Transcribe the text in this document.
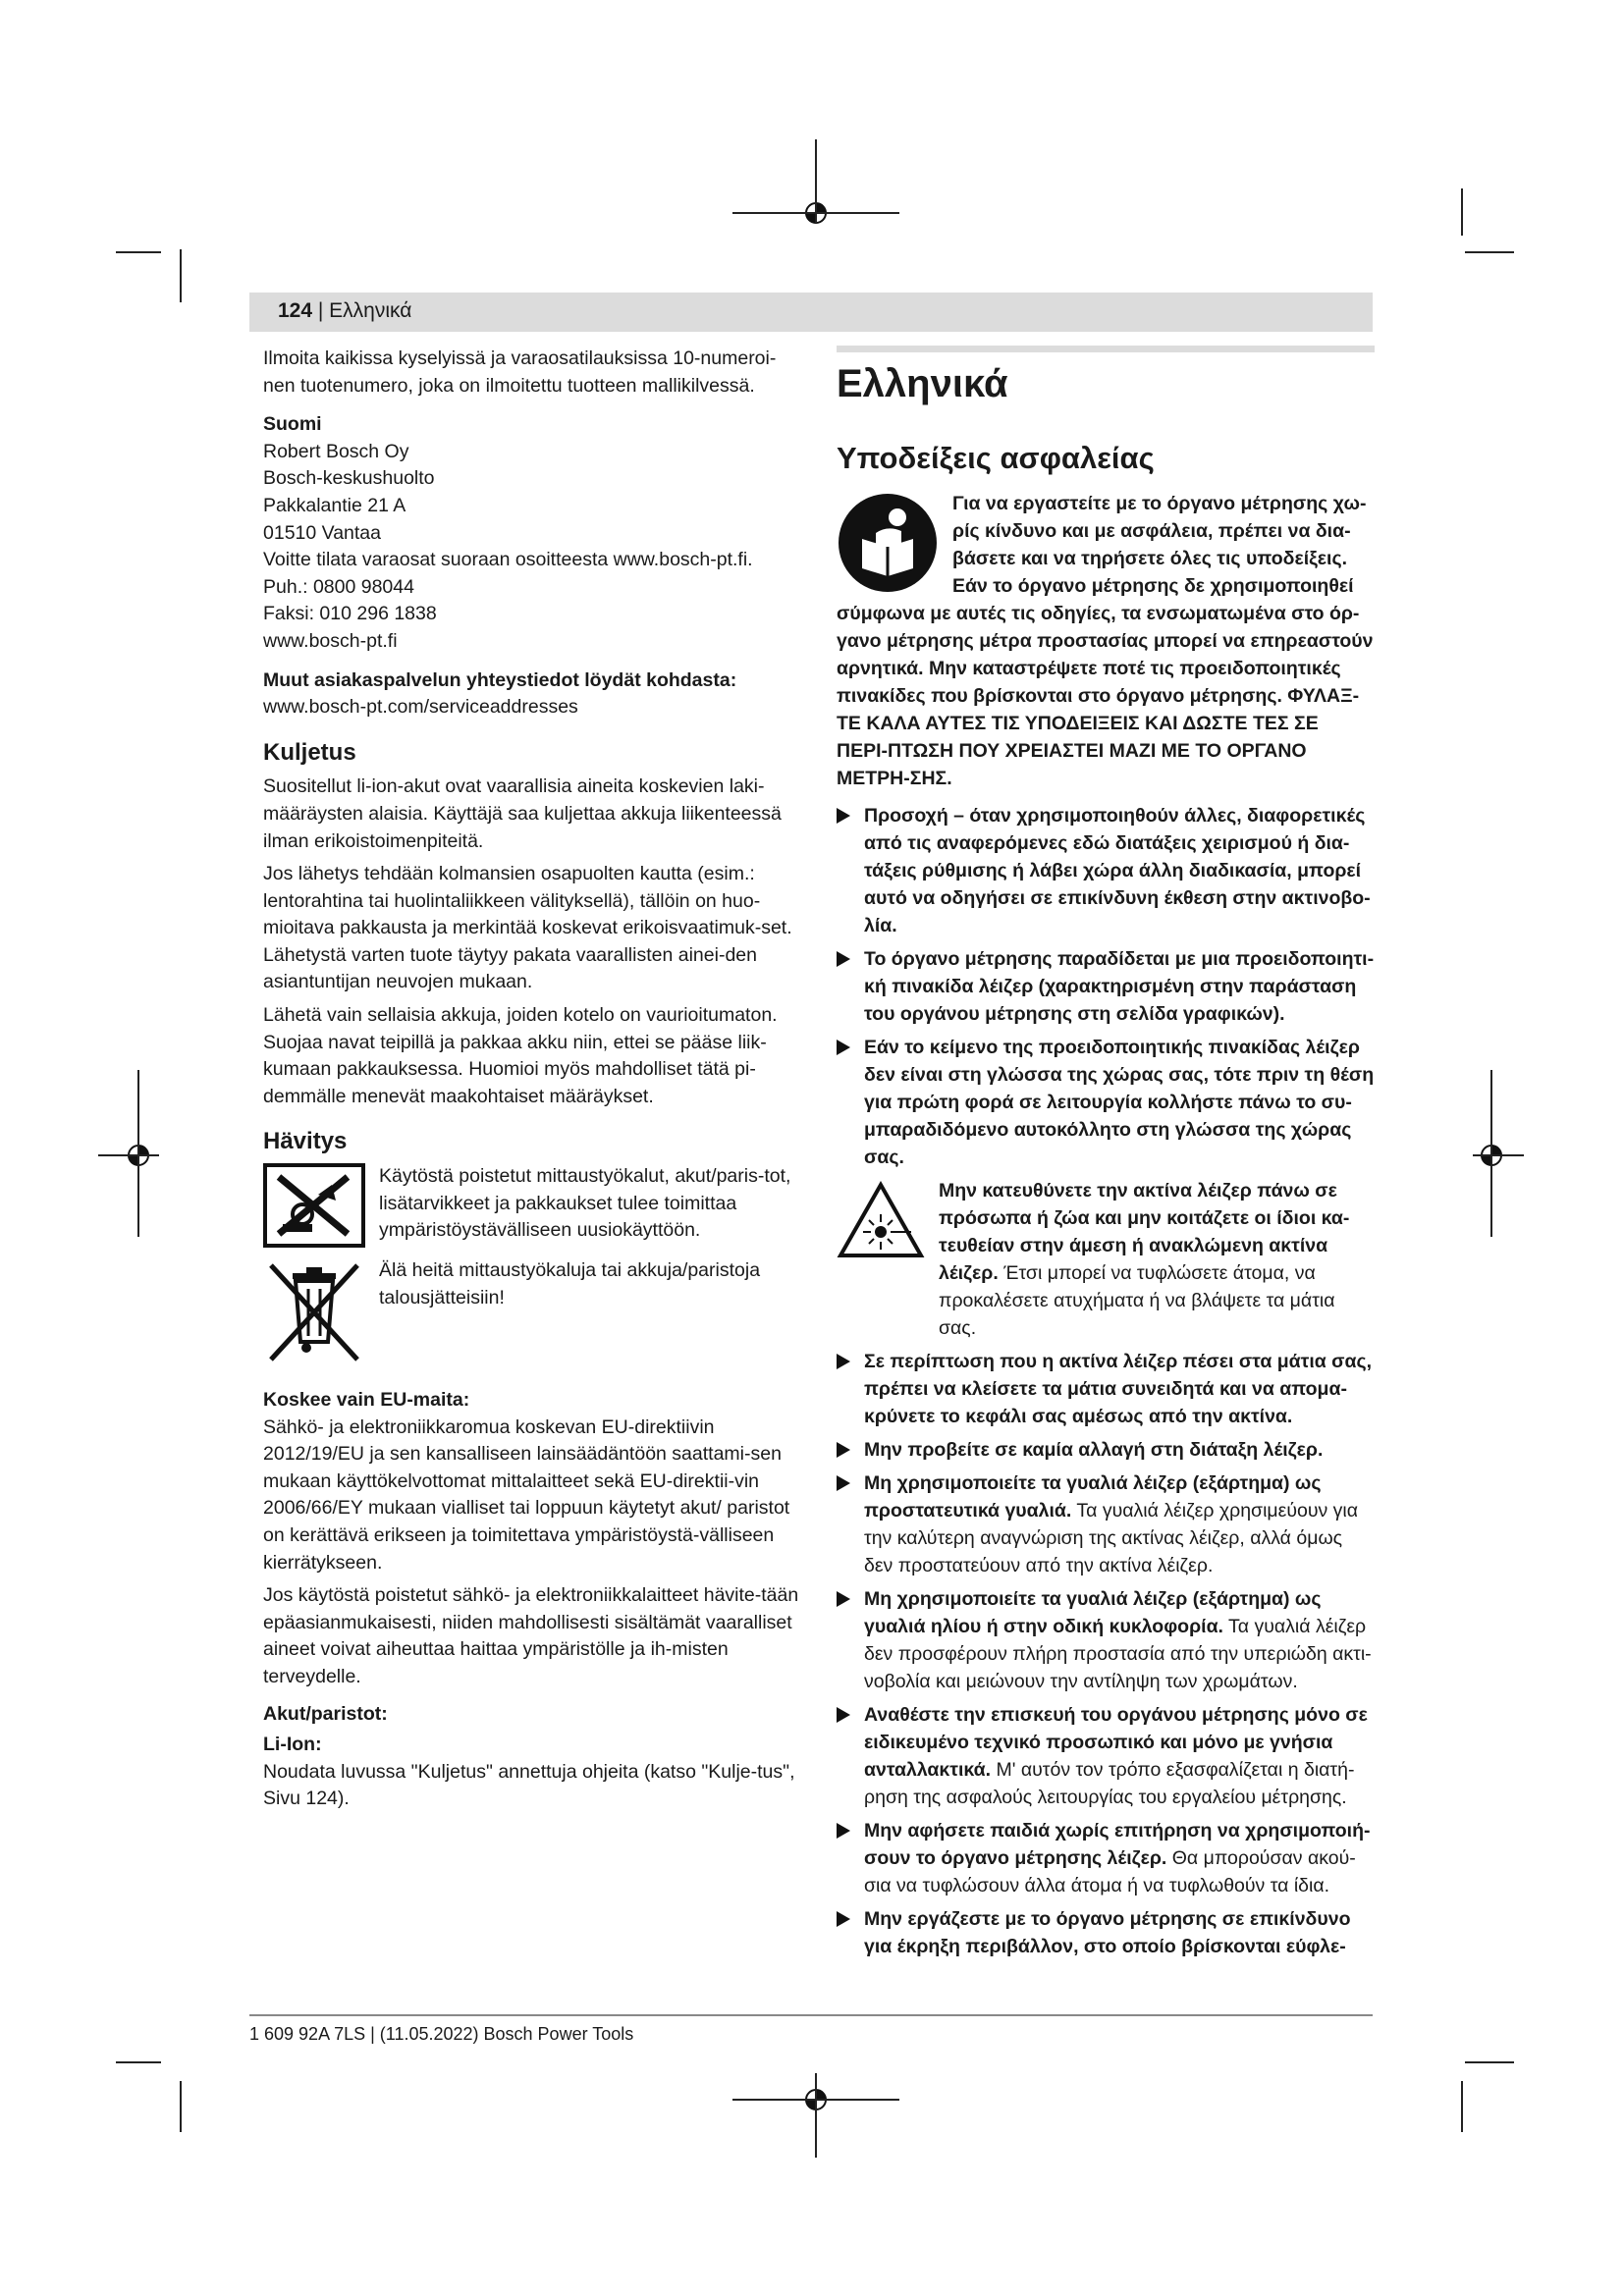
124 | Ελληνικά

Ilmoita kaikissa kyselyissä ja varaosatilauksissa 10-numeroi-nen tuotenumero, joka on ilmoitettu tuotteen mallikilvessä.

Suomi
Robert Bosch Oy
Bosch-keskushuolto
Pakkalantie 21 A
01510 Vantaa
Voitte tilata varaosat suoraan osoitteesta www.bosch-pt.fi.
Puh.: 0800 98044
Faksi: 010 296 1838
www.bosch-pt.fi
Muut asiakaspalvelun yhteystiedot löydät kohdasta:

www.bosch-pt.com/serviceaddresses

Kuljetus

Suositellut li-ion-akut ovat vaarallisia aineita koskevien laki-määräysten alaisia. Käyttäjä saa kuljettaa akkuja liikenteessä ilman erikoistoimenpiteitä.

Jos lähetys tehdään kolmansien osapuolten kautta (esim.: lentorahtina tai huolintaliikkeen välityksellä), tällöin on huo-mioitava pakkausta ja merkintää koskevat erikoisvaatimuk-set. Lähetystä varten tuote täytyy pakata vaarallisten ainei-den asiantuntijan neuvojen mukaan.

Lähetä vain sellaisia akkuja, joiden kotelo on vaurioitumaton. Suojaa navat teipillä ja pakkaa akku niin, ettei se pääse liik-kumaan pakkauksessa. Huomioi myös mahdolliset tätä pi-demmälle menevät maakohtaiset määräykset.

Hävitys
Käytöstä poistetut mittaustyökalut, akut/paris-tot, lisätarvikkeet ja pakkaukset tulee toimittaa ympäristöystävälliseen uusiokäyttöön.
Älä heitä mittaustyökaluja tai akkuja/paristoja talousjätteisiin!
Koskee vain EU-maita:

Sähkö- ja elektroniikkaromua koskevan EU-direktiivin 2012/19/EU ja sen kansalliseen lainsäädäntöön saattami-sen mukaan käyttökelvottomat mittalaitteet sekä EU-direktii-vin 2006/66/EY mukaan vialliset tai loppuun käytetyt akut/ paristot on kerättävä erikseen ja toimitettava ympäristöystä-välliseen kierrätykseen.

Jos käytöstä poistetut sähkö- ja elektroniikkalaitteet hävite-tään epäasianmukaisesti, niiden mahdollisesti sisältämät vaaralliset aineet voivat aiheuttaa haittaa ympäristölle ja ih-misten terveydelle.

Akut/paristot:
Li-Ion:

Noudata luvussa "Kuljetus" annettuja ohjeita (katso "Kulje-tus", Sivu 124).

Ελληνικά
Υποδείξεις ασφαλείας
Για να εργαστείτε με το όργανο μέτρησης χω-ρίς κίνδυνο και με ασφάλεια, πρέπει να δια-βάσετε και να τηρήσετε όλες τις υποδείξεις. Εάν το όργανο μέτρησης δε χρησιμοποιηθεί σύμφωνα με αυτές τις οδηγίες, τα ενσωματωμένα στο όρ-γανο μέτρησης μέτρα προστασίας μπορεί να επηρεαστούν αρνητικά. Μην καταστρέψετε ποτέ τις προειδοποιητικές πινακίδες που βρίσκονται στο όργανο μέτρησης. ΦΥΛΑΞ-ΤΕ ΚΑΛΑ ΑΥΤΕΣ ΤΙΣ ΥΠΟΔΕΙΞΕΙΣ ΚΑΙ ΔΩΣΤΕ ΤΕΣ ΣΕ ΠΕΡΙ-ΠΤΩΣΗ ΠΟΥ ΧΡΕΙΑΣΤΕΙ ΜΑΖΙ ΜΕ ΤΟ ΟΡΓΑΝΟ ΜΕΤΡΗ-ΣΗΣ.
Προσοχή – όταν χρησιμοποιηθούν άλλες, διαφορετικές από τις αναφερόμενες εδώ διατάξεις χειρισμού ή δια-τάξεις ρύθμισης ή λάβει χώρα άλλη διαδικασία, μπορεί αυτό να οδηγήσει σε επικίνδυνη έκθεση στην ακτινοβο-λία.
Το όργανο μέτρησης παραδίδεται με μια προειδοποιητι-κή πινακίδα λέιζερ (χαρακτηρισμένη στην παράσταση του οργάνου μέτρησης στη σελίδα γραφικών).
Εάν το κείμενο της προειδοποιητικής πινακίδας λέιζερ δεν είναι στη γλώσσα της χώρας σας, τότε πριν τη θέση για πρώτη φορά σε λειτουργία κολλήστε πάνω το συ-μπαραδιδόμενο αυτοκόλλητο στη γλώσσα της χώρας σας.
Μην κατευθύνετε την ακτίνα λέιζερ πάνω σε πρόσωπα ή ζώα και μην κοιτάζετε οι ίδιοι κα-τευθείαν στην άμεση ή ανακλώμενη ακτίνα λέιζερ. Έτσι μπορεί να τυφλώσετε άτομα, να προκαλέσετε ατυχήματα ή να βλάψετε τα μάτια σας.
Σε περίπτωση που η ακτίνα λέιζερ πέσει στα μάτια σας, πρέπει να κλείσετε τα μάτια συνειδητά και να απομα-κρύνετε το κεφάλι σας αμέσως από την ακτίνα.
Μην προβείτε σε καμία αλλαγή στη διάταξη λέιζερ.
Μη χρησιμοποιείτε τα γυαλιά λέιζερ (εξάρτημα) ως προστατευτικά γυαλιά. Τα γυαλιά λέιζερ χρησιμεύουν για την καλύτερη αναγνώριση της ακτίνας λέιζερ, αλλά όμως δεν προστατεύουν από την ακτίνα λέιζερ.
Μη χρησιμοποιείτε τα γυαλιά λέιζερ (εξάρτημα) ως γυαλιά ηλίου ή στην οδική κυκλοφορία. Τα γυαλιά λέιζερ δεν προσφέρουν πλήρη προστασία από την υπεριώδη ακτι-νοβολία και μειώνουν την αντίληψη των χρωμάτων.
Αναθέστε την επισκευή του οργάνου μέτρησης μόνο σε ειδικευμένο τεχνικό προσωπικό και μόνο με γνήσια ανταλλακτικά. Μ' αυτόν τον τρόπο εξασφαλίζεται η διατή-ρηση της ασφαλούς λειτουργίας του εργαλείου μέτρησης.
Μην αφήσετε παιδιά χωρίς επιτήρηση να χρησιμοποιή-σουν το όργανο μέτρησης λέιζερ. Θα μπορούσαν ακού-σια να τυφλώσουν άλλα άτομα ή να τυφλωθούν τα ίδια.
Μην εργάζεστε με το όργανο μέτρησης σε επικίνδυνο για έκρηξη περιβάλλον, στο οποίο βρίσκονται εύφλε-
1 609 92A 7LS | (11.05.2022) Bosch Power Tools
